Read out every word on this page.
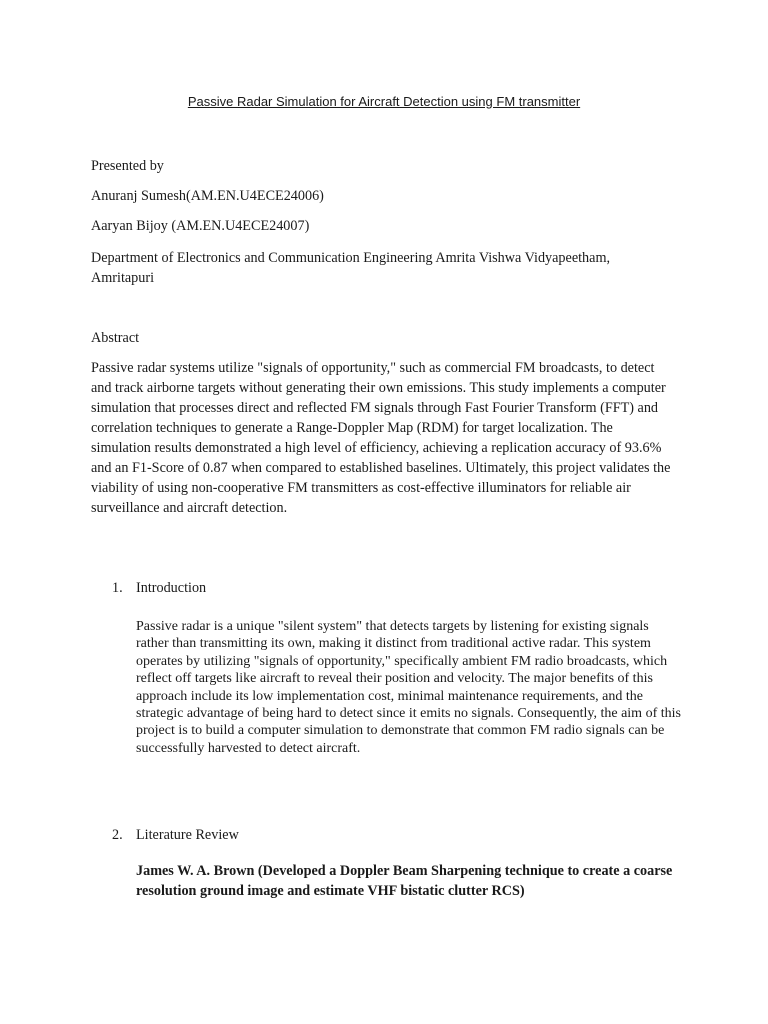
Passive Radar Simulation for Aircraft Detection using FM transmitter
Presented by
Anuranj Sumesh(AM.EN.U4ECE24006)
Aaryan Bijoy (AM.EN.U4ECE24007)
Department of Electronics and Communication Engineering Amrita Vishwa Vidyapeetham, Amritapuri
Abstract
Passive radar systems utilize "signals of opportunity," such as commercial FM broadcasts, to detect and track airborne targets without generating their own emissions. This study implements a computer simulation that processes direct and reflected FM signals through Fast Fourier Transform (FFT) and correlation techniques to generate a Range-Doppler Map (RDM) for target localization. The simulation results demonstrated a high level of efficiency, achieving a replication accuracy of 93.6% and an F1-Score of 0.87 when compared to established baselines. Ultimately, this project validates the viability of using non-cooperative FM transmitters as cost-effective illuminators for reliable air surveillance and aircraft detection.
1. Introduction
Passive radar is a unique "silent system" that detects targets by listening for existing signals rather than transmitting its own, making it distinct from traditional active radar. This system operates by utilizing "signals of opportunity," specifically ambient FM radio broadcasts, which reflect off targets like aircraft to reveal their position and velocity. The major benefits of this approach include its low implementation cost, minimal maintenance requirements, and the strategic advantage of being hard to detect since it emits no signals. Consequently, the aim of this project is to build a computer simulation to demonstrate that common FM radio signals can be successfully harvested to detect aircraft.
2. Literature Review
James W. A. Brown (Developed a Doppler Beam Sharpening technique to create a coarse resolution ground image and estimate VHF bistatic clutter RCS)
